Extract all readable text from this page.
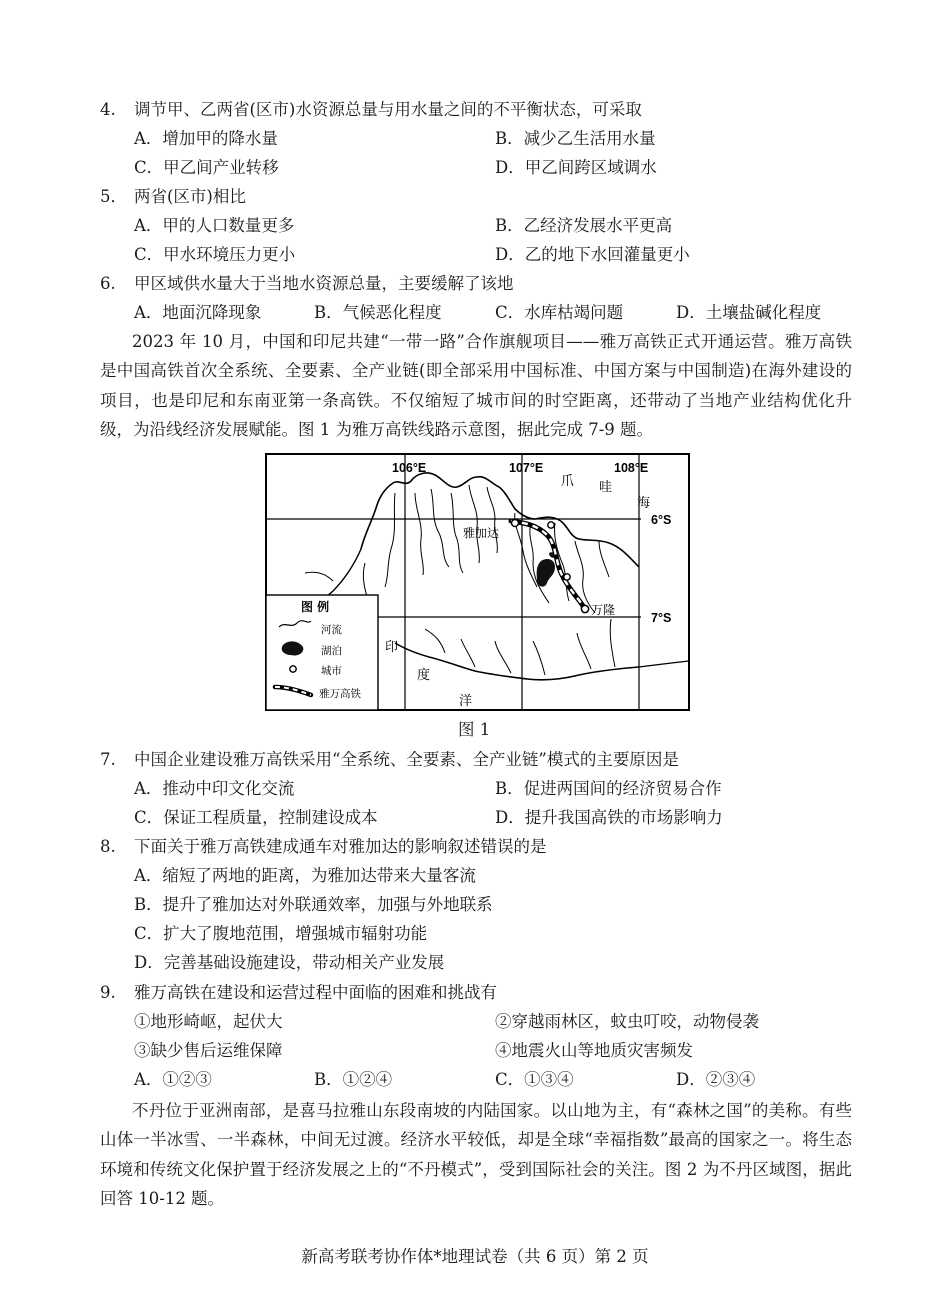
4. 调节甲、乙两省(区市)水资源总量与用水量之间的不平衡状态，可采取
A．增加甲的降水量	B．减少乙生活用水量
C．甲乙间产业转移	D．甲乙间跨区域调水
5． 两省(区市)相比
A．甲的人口数量更多	B．乙经济发展水平更高
C．甲水环境压力更小	D．乙的地下水回灌量更小
6. 甲区域供水量大于当地水资源总量，主要缓解了该地
A．地面沉降现象	B．气候恶化程度	C．水库枯竭问题	D．土壤盐碱化程度
2023 年 10 月，中国和印尼共建“一带一路”合作旗舰项目——雅万高铁正式开通运营。雅万高铁是中国高铁首次全系统、全要素、全产业链(即全部采用中国标准、中国方案与中国制造)在海外建设的项目，也是印尼和东南亚第一条高铁。不仅缩短了城市间的时空距离，还带动了当地产业结构优化升级，为沿线经济发展赋能。图 1 为雅万高铁线路示意图，据此完成 7-9 题。
106°E	107°E	108°E
6°S
7°S
爪 哇
海
雅加达
万隆
印
度
洋
图 例
河流
湖泊
城市
雅万高铁
图 1
7. 中国企业建设雅万高铁采用“全系统、全要素、全产业链”模式的主要原因是
A．推动中印文化交流	B．促进两国间的经济贸易合作
C．保证工程质量，控制建设成本	D．提升我国高铁的市场影响力
8. 下面关于雅万高铁建成通车对雅加达的影响叙述错误的是
A．缩短了两地的距离，为雅加达带来大量客流
B．提升了雅加达对外联通效率，加强与外地联系
C．扩大了腹地范围，增强城市辐射功能
D．完善基础设施建设，带动相关产业发展
9. 雅万高铁在建设和运营过程中面临的困难和挑战有
①地形崎岖，起伏大	②穿越雨林区，蚊虫叮咬，动物侵袭
③缺少售后运维保障	④地震火山等地质灾害频发
A．①②③	B．①②④	C．①③④	D．②③④
不丹位于亚洲南部，是喜马拉雅山东段南坡的内陆国家。以山地为主，有“森林之国”的美称。有些山体一半冰雪、一半森林，中间无过渡。经济水平较低，却是全球“幸福指数”最高的国家之一。将生态环境和传统文化保护置于经济发展之上的“不丹模式”，受到国际社会的关注。图 2 为不丹区域图，据此回答 10-12 题。
新高考联考协作体*地理试卷（共 6 页）第 2 页
